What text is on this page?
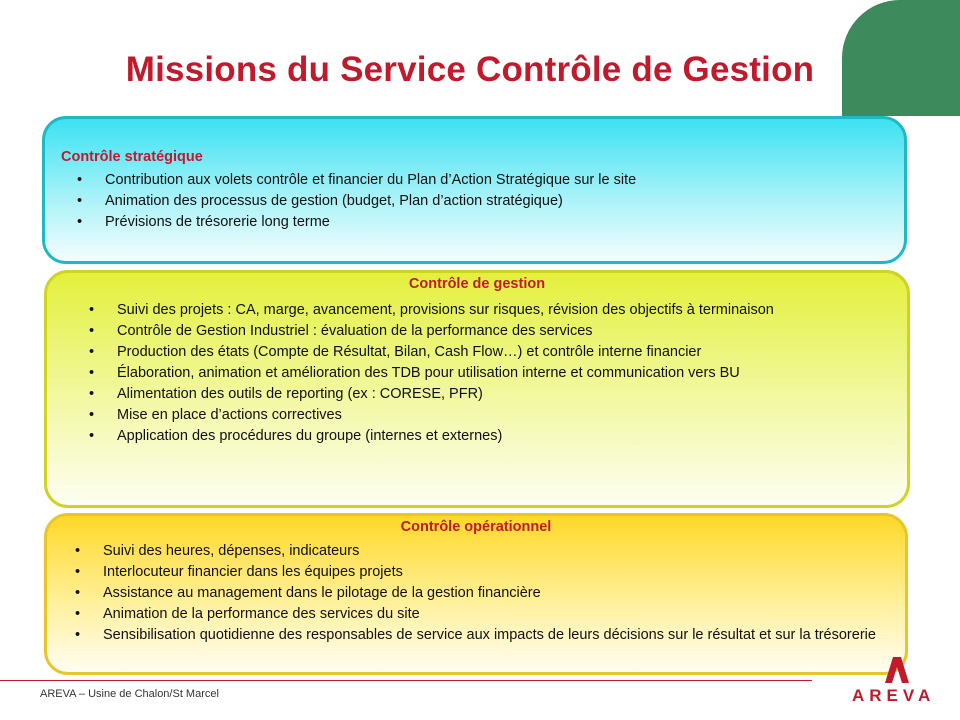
Missions du Service Contrôle de Gestion

Contrôle stratégique

• Contribution aux volets contrôle et financier du Plan d’Action Stratégique sur le site
• Animation des processus de gestion (budget, Plan d’action stratégique)
• Prévisions de trésorerie long terme

Contrôle de gestion

• Suivi des projets : CA, marge, avancement, provisions sur risques, révision des objectifs à terminaison
• Contrôle de Gestion Industriel : évaluation de la performance des services
• Production des états (Compte de Résultat, Bilan, Cash Flow…) et contrôle interne financier
• Élaboration, animation et amélioration des TDB pour utilisation interne et communication vers BU
• Alimentation des outils de reporting (ex : CORESE, PFR)
• Mise en place d’actions correctives
• Application des procédures du groupe (internes et externes)

Contrôle opérationnel

• Suivi des heures, dépenses, indicateurs
• Interlocuteur financier dans les équipes projets
• Assistance au management dans le pilotage de la gestion financière
• Animation de la performance des services du site
• Sensibilisation quotidienne des responsables de service aux impacts de leurs décisions sur le résultat et sur la trésorerie
AREVA – Usine de Chalon/St Marcel	AREVA
